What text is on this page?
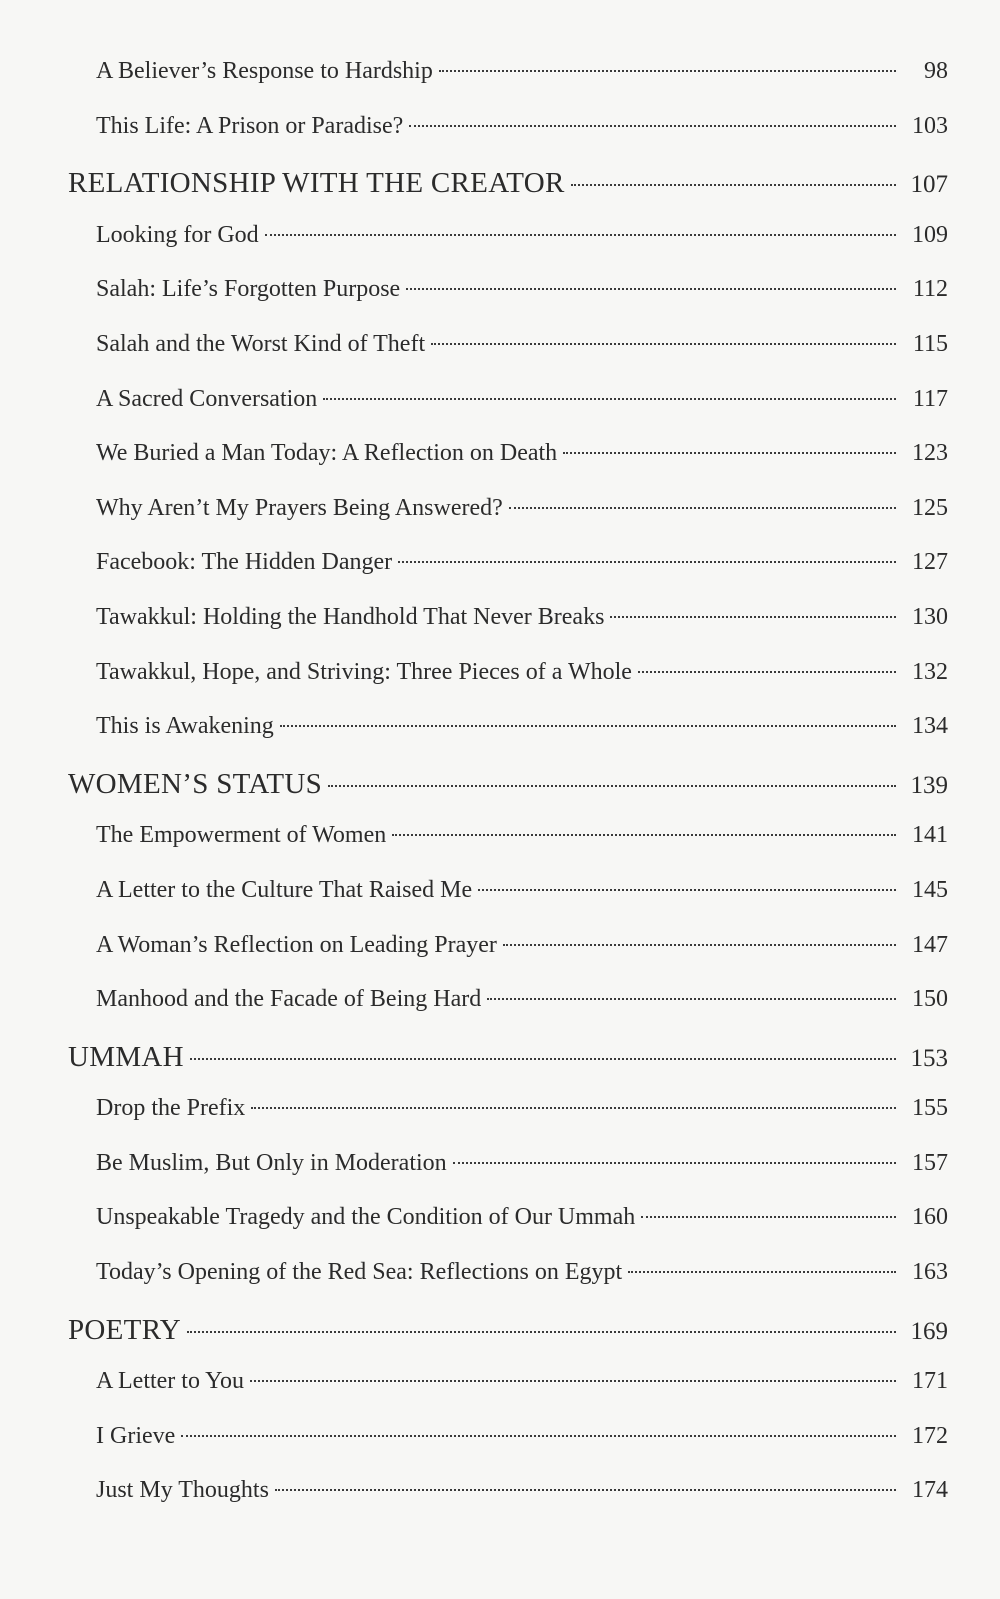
A Believer’s Response to Hardship	98
This Life: A Prison or Paradise?	103
RELATIONSHIP WITH THE CREATOR	107
Looking for God	109
Salah: Life’s Forgotten Purpose	112
Salah and the Worst Kind of Theft	115
A Sacred Conversation	117
We Buried a Man Today: A Reflection on Death	123
Why Aren’t My Prayers Being Answered?	125
Facebook: The Hidden Danger	127
Tawakkul: Holding the Handhold That Never Breaks	130
Tawakkul, Hope, and Striving: Three Pieces of a Whole	132
This is Awakening	134
WOMEN’S STATUS	139
The Empowerment of Women	141
A Letter to the Culture That Raised Me	145
A Woman’s Reflection on Leading Prayer	147
Manhood and the Facade of Being Hard	150
UMMAH	153
Drop the Prefix	155
Be Muslim, But Only in Moderation	157
Unspeakable Tragedy and the Condition of Our Ummah	160
Today’s Opening of the Red Sea: Reflections on Egypt	163
POETRY	169
A Letter to You	171
I Grieve	172
Just My Thoughts	174
